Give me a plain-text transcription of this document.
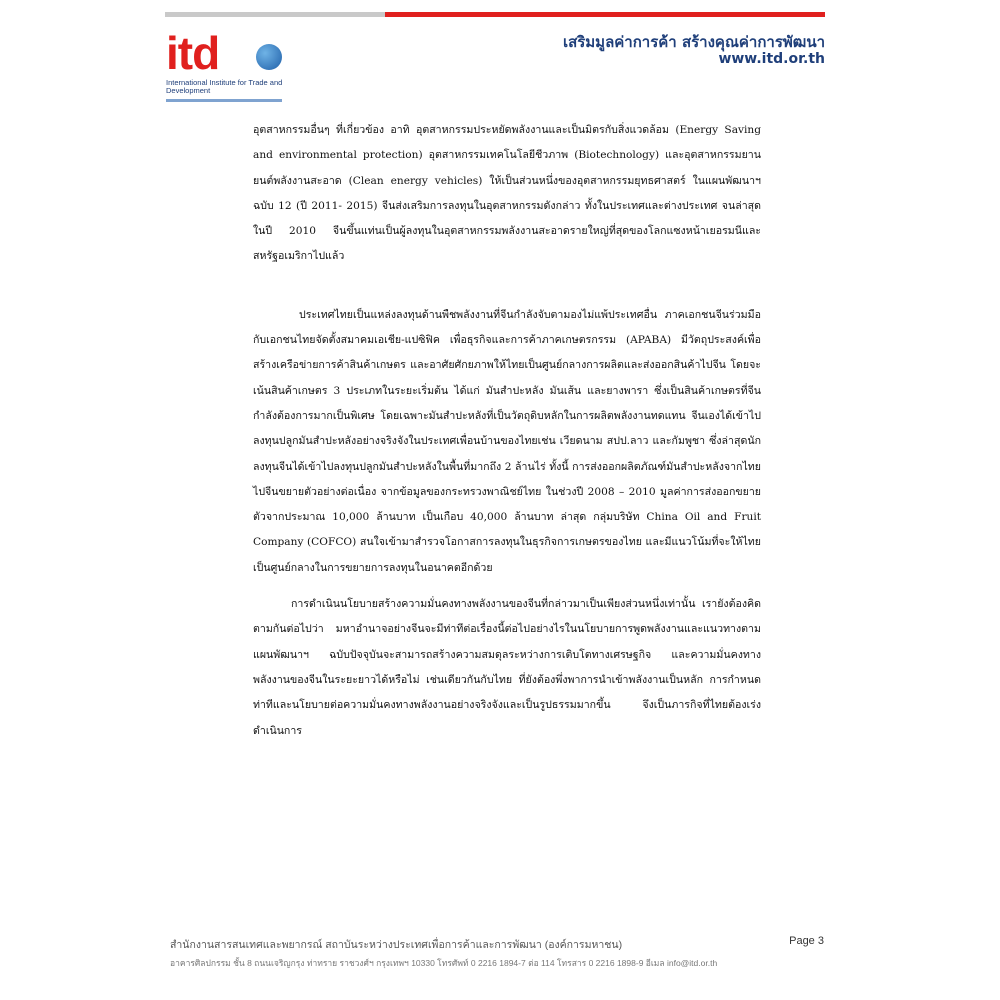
itd
International Institute for Trade and Development
เสริมมูลค่าการค้า สร้างคุณค่าการพัฒนา
www.itd.or.th

อุตสาหกรรมอื่นๆ ที่เกี่ยวข้อง อาทิ อุตสาหกรรมประหยัดพลังงานและเป็นมิตรกับสิ่งแวดล้อม (Energy Saving and environmental protection) อุตสาหกรรมเทคโนโลยีชีวภาพ (Biotechnology) และอุตสาหกรรมยานยนต์พลังงานสะอาด (Clean energy vehicles) ให้เป็นส่วนหนึ่งของอุตสาหกรรมยุทธศาสตร์ ในแผนพัฒนาฯ ฉบับ 12 (ปี 2011- 2015) จีนส่งเสริมการลงทุนในอุตสาหกรรมดังกล่าว ทั้งในประเทศและต่างประเทศ จนล่าสุดในปี 2010 จีนขึ้นแท่นเป็นผู้ลงทุนในอุตสาหกรรมพลังงานสะอาดรายใหญ่ที่สุดของโลกแซงหน้าเยอรมนีและสหรัฐอเมริกาไปแล้ว

ประเทศไทยเป็นแหล่งลงทุนด้านพืชพลังงานที่จีนกำลังจับตามองไม่แพ้ประเทศอื่น ภาคเอกชนจีนร่วมมือกับเอกชนไทยจัดตั้งสมาคมเอเชีย-แปซิฟิค เพื่อธุรกิจและการค้าภาคเกษตรกรรม (APABA) มีวัตถุประสงค์เพื่อสร้างเครือข่ายการค้าสินค้าเกษตร และอาศัยศักยภาพให้ไทยเป็นศูนย์กลางการผลิตและส่งออกสินค้าไปจีน โดยจะเน้นสินค้าเกษตร 3 ประเภทในระยะเริ่มต้น ได้แก่ มันสำปะหลัง มันเส้น และยางพารา ซึ่งเป็นสินค้าเกษตรที่จีนกำลังต้องการมากเป็นพิเศษ โดยเฉพาะมันสำปะหลังที่เป็นวัตถุดิบหลักในการผลิตพลังงานทดแทน จีนเองได้เข้าไปลงทุนปลูกมันสำปะหลังอย่างจริงจังในประเทศเพื่อนบ้านของไทยเช่น เวียดนาม สปป.ลาว และกัมพูชา ซึ่งล่าสุดนักลงทุนจีนได้เข้าไปลงทุนปลูกมันสำปะหลังในพื้นที่มากถึง 2 ล้านไร่ ทั้งนี้ การส่งออกผลิตภัณฑ์มันสำปะหลังจากไทยไปจีนขยายตัวอย่างต่อเนื่อง จากข้อมูลของกระทรวงพาณิชย์ไทย ในช่วงปี 2008 – 2010 มูลค่าการส่งออกขยายตัวจากประมาณ 10,000 ล้านบาท เป็นเกือบ 40,000 ล้านบาท ล่าสุด กลุ่มบริษัท China Oil and Fruit Company (COFCO) สนใจเข้ามาสำรวจโอกาสการลงทุนในธุรกิจการเกษตรของไทย และมีแนวโน้มที่จะให้ไทยเป็นศูนย์กลางในการขยายการลงทุนในอนาคตอีกด้วย

การดำเนินนโยบายสร้างความมั่นคงทางพลังงานของจีนที่กล่าวมาเป็นเพียงส่วนหนึ่งเท่านั้น เรายังต้องคิดตามกันต่อไปว่า มหาอำนาจอย่างจีนจะมีท่าทีต่อเรื่องนี้ต่อไปอย่างไรในนโยบายการพูดพลังงานและแนวทางตามแผนพัฒนาฯ ฉบับปัจจุบันจะสามารถสร้างความสมดุลระหว่างการเติบโตทางเศรษฐกิจ และความมั่นคงทางพลังงานของจีนในระยะยาวได้หรือไม่ เช่นเดียวกันกับไทย ที่ยังต้องพึ่งพาการนำเข้าพลังงานเป็นหลัก การกำหนดท่าทีและนโยบายต่อความมั่นคงทางพลังงานอย่างจริงจังและเป็นรูปธรรมมากขึ้น จึงเป็นภารกิจที่ไทยต้องเร่งดำเนินการ

สำนักงานสารสนเทศและพยากรณ์ สถาบันระหว่างประเทศเพื่อการค้าและการพัฒนา (องค์การมหาชน)	Page 3
อาคารศิลปกรรม ชั้น 8 ถนนเจริญกรุง ท่าทราย ราชวงศ์ฯ กรุงเทพฯ 10330 โทรศัพท์ 0 2216 1894-7 ต่อ 114 โทรสาร 0 2216 1898-9 อีเมล info@itd.or.th
